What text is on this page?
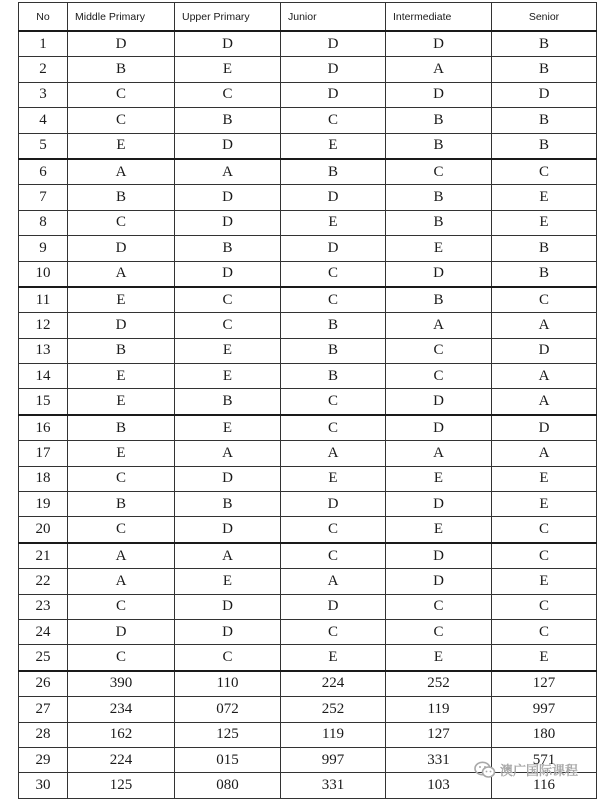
No	Middle Primary	Upper Primary	Junior	Intermediate	Senior
1	D	D	D	D	B
2	B	E	D	A	B
3	C	C	D	D	D
4	C	B	C	B	B
5	E	D	E	B	B
6	A	A	B	C	C
7	B	D	D	B	E
8	C	D	E	B	E
9	D	B	D	E	B
10	A	D	C	D	B
11	E	C	C	B	C
12	D	C	B	A	A
13	B	E	B	C	D
14	E	E	B	C	A
15	E	B	C	D	A
16	B	E	C	D	D
17	E	A	A	A	A
18	C	D	E	E	E
19	B	B	D	D	E
20	C	D	C	E	C
21	A	A	C	D	C
22	A	E	A	D	E
23	C	D	D	C	C
24	D	D	C	C	C
25	C	C	E	E	E
26	390	110	224	252	127
27	234	072	252	119	997
28	162	125	119	127	180
29	224	015	997	331	571
30	125	080	331	103	116
澳广国际课程
